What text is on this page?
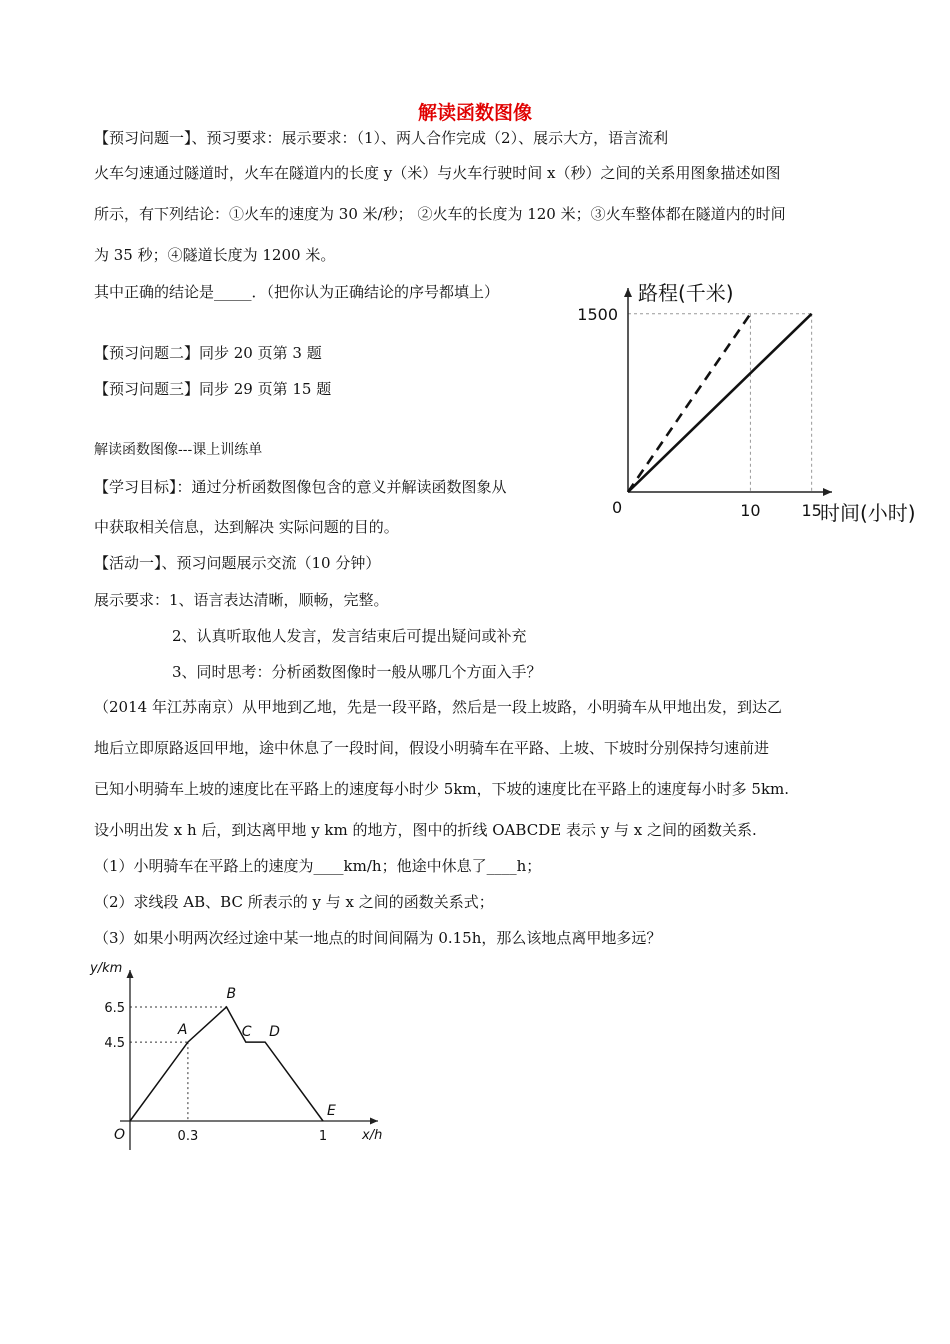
解读函数图像
【预习问题一】、预习要求：展示要求：（1）、两人合作完成（2）、展示大方，语言流利
火车匀速通过隧道时，火车在隧道内的长度 y（米）与火车行驶时间 x（秒）之间的关系用图象描述如图
所示，有下列结论：①火车的速度为 30 米/秒； ②火车的长度为 120 米；③火车整体都在隧道内的时间
为 35 秒；④隧道长度为 1200 米。
其中正确的结论是_____．（把你认为正确结论的序号都填上）
【预习问题二】同步 20 页第 3 题
【预习问题三】同步 29 页第 15 题
解读函数图像---课上训练单
【学习目标】：通过分析函数图像包含的意义并解读函数图象从
中获取相关信息，达到解决 实际问题的目的。
【活动一】、预习问题展示交流（10 分钟）
展示要求：1、语言表达清晰，顺畅，完整。
2、认真听取他人发言，发言结束后可提出疑问或补充
3、同时思考：分析函数图像时一般从哪几个方面入手？
（2014 年江苏南京）从甲地到乙地，先是一段平路，然后是一段上坡路，小明骑车从甲地出发，到达乙
地后立即原路返回甲地，途中休息了一段时间，假设小明骑车在平路、上坡、下坡时分别保持匀速前进
已知小明骑车上坡的速度比在平路上的速度每小时少 5km，下坡的速度比在平路上的速度每小时多 5km.
设小明出发 x h 后，到达离甲地 y km 的地方，图中的折线 OABCDE 表示 y 与 x 之间的函数关系.
（1）小明骑车在平路上的速度为____km/h；他途中休息了____h；
（2）求线段 AB、BC 所表示的 y 与 x 之间的函数关系式；
（3）如果小明两次经过途中某一地点的时间间隔为 0.15h，那么该地点离甲地多远？
10	15
1500
路程(千米)
时间(小时)
0
0.3	1
4.5
6.5
A
B
C D
E
y/km
x/h
O
